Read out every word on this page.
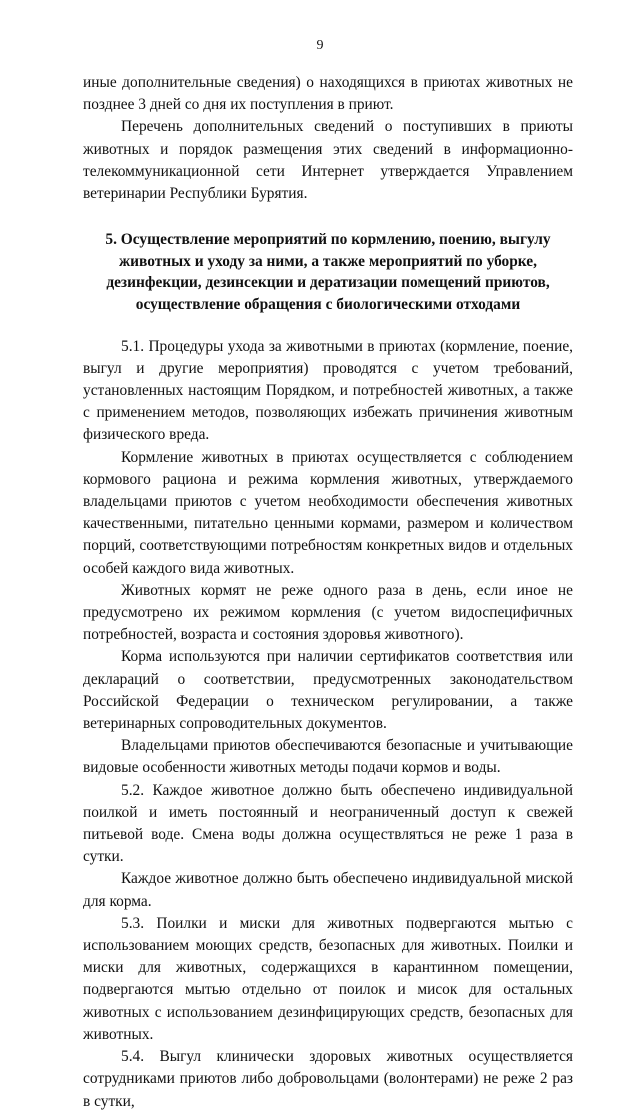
9

иные дополнительные сведения) о находящихся в приютах животных не позднее 3 дней со дня их поступления в приют.

Перечень дополнительных сведений о поступивших в приюты животных и порядок размещения этих сведений в информационно-телекоммуникационной сети Интернет утверждается Управлением ветеринарии Республики Бурятия.

5. Осуществление мероприятий по кормлению, поению, выгулу животных и уходу за ними, а также мероприятий по уборке, дезинфекции, дезинсекции и дератизации помещений приютов, осуществление обращения с биологическими отходами

5.1. Процедуры ухода за животными в приютах (кормление, поение, выгул и другие мероприятия) проводятся с учетом требований, установленных настоящим Порядком, и потребностей животных, а также с применением методов, позволяющих избежать причинения животным физического вреда.

Кормление животных в приютах осуществляется с соблюдением кормового рациона и режима кормления животных, утверждаемого владельцами приютов с учетом необходимости обеспечения животных качественными, питательно ценными кормами, размером и количеством порций, соответствующими потребностям конкретных видов и отдельных особей каждого вида животных.

Животных кормят не реже одного раза в день, если иное не предусмотрено их режимом кормления (с учетом видоспецифичных потребностей, возраста и состояния здоровья животного).

Корма используются при наличии сертификатов соответствия или деклараций о соответствии, предусмотренных законодательством Российской Федерации о техническом регулировании, а также ветеринарных сопроводительных документов.

Владельцами приютов обеспечиваются безопасные и учитывающие видовые особенности животных методы подачи кормов и воды.

5.2. Каждое животное должно быть обеспечено индивидуальной поилкой и иметь постоянный и неограниченный доступ к свежей питьевой воде. Смена воды должна осуществляться не реже 1 раза в сутки.

Каждое животное должно быть обеспечено индивидуальной миской для корма.

5.3. Поилки и миски для животных подвергаются мытью с использованием моющих средств, безопасных для животных. Поилки и миски для животных, содержащихся в карантинном помещении, подвергаются мытью отдельно от поилок и мисок для остальных животных с использованием дезинфицирующих средств, безопасных для животных.

5.4. Выгул клинически здоровых животных осуществляется сотрудниками приютов либо добровольцами (волонтерами) не реже 2 раз в сутки,
